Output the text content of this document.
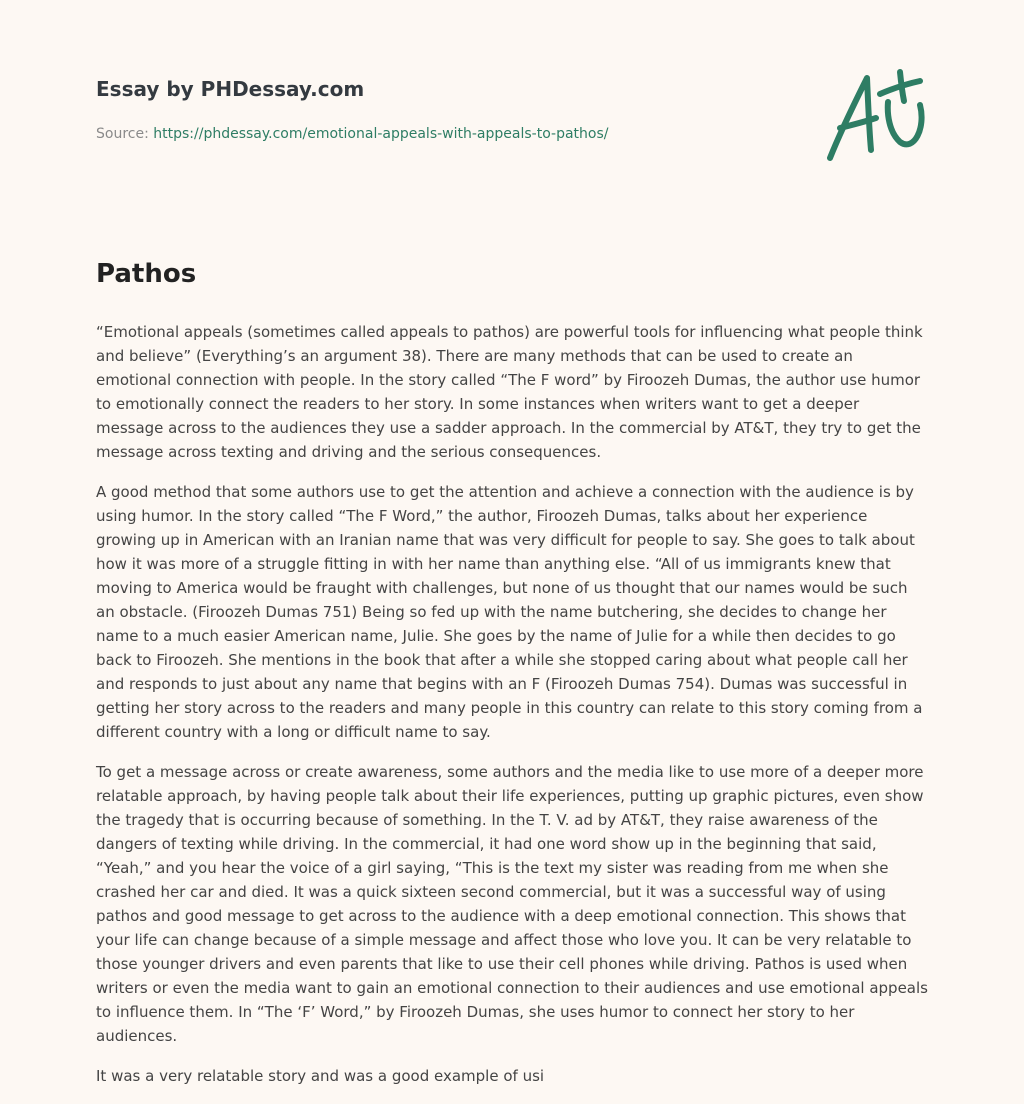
Essay by PHDessay.com
Source: https://phdessay.com/emotional-appeals-with-appeals-to-pathos/
Pathos

“Emotional appeals (sometimes called appeals to pathos) are powerful tools for influencing what people think and believe” (Everything’s an argument 38). There are many methods that can be used to create an emotional connection with people. In the story called “The F word” by Firoozeh Dumas, the author use humor to emotionally connect the readers to her story. In some instances when writers want to get a deeper message across to the audiences they use a sadder approach. In the commercial by AT&T, they try to get the message across texting and driving and the serious consequences.

A good method that some authors use to get the attention and achieve a connection with the audience is by using humor. In the story called “The F Word,” the author, Firoozeh Dumas, talks about her experience growing up in American with an Iranian name that was very difficult for people to say. She goes to talk about how it was more of a struggle fitting in with her name than anything else. “All of us immigrants knew that moving to America would be fraught with challenges, but none of us thought that our names would be such an obstacle. (Firoozeh Dumas 751) Being so fed up with the name butchering, she decides to change her name to a much easier American name, Julie. She goes by the name of Julie for a while then decides to go back to Firoozeh. She mentions in the book that after a while she stopped caring about what people call her and responds to just about any name that begins with an F (Firoozeh Dumas 754). Dumas was successful in getting her story across to the readers and many people in this country can relate to this story coming from a different country with a long or difficult name to say.

To get a message across or create awareness, some authors and the media like to use more of a deeper more relatable approach, by having people talk about their life experiences, putting up graphic pictures, even show the tragedy that is occurring because of something. In the T. V. ad by AT&T, they raise awareness of the dangers of texting while driving. In the commercial, it had one word show up in the beginning that said, “Yeah,” and you hear the voice of a girl saying, “This is the text my sister was reading from me when she crashed her car and died. It was a quick sixteen second commercial, but it was a successful way of using pathos and good message to get across to the audience with a deep emotional connection. This shows that your life can change because of a simple message and affect those who love you. It can be very relatable to those younger drivers and even parents that like to use their cell phones while driving. Pathos is used when writers or even the media want to gain an emotional connection to their audiences and use emotional appeals to influence them. In “The ‘F’ Word,” by Firoozeh Dumas, she uses humor to connect her story to her audiences.

It was a very relatable story and was a good example of usi
